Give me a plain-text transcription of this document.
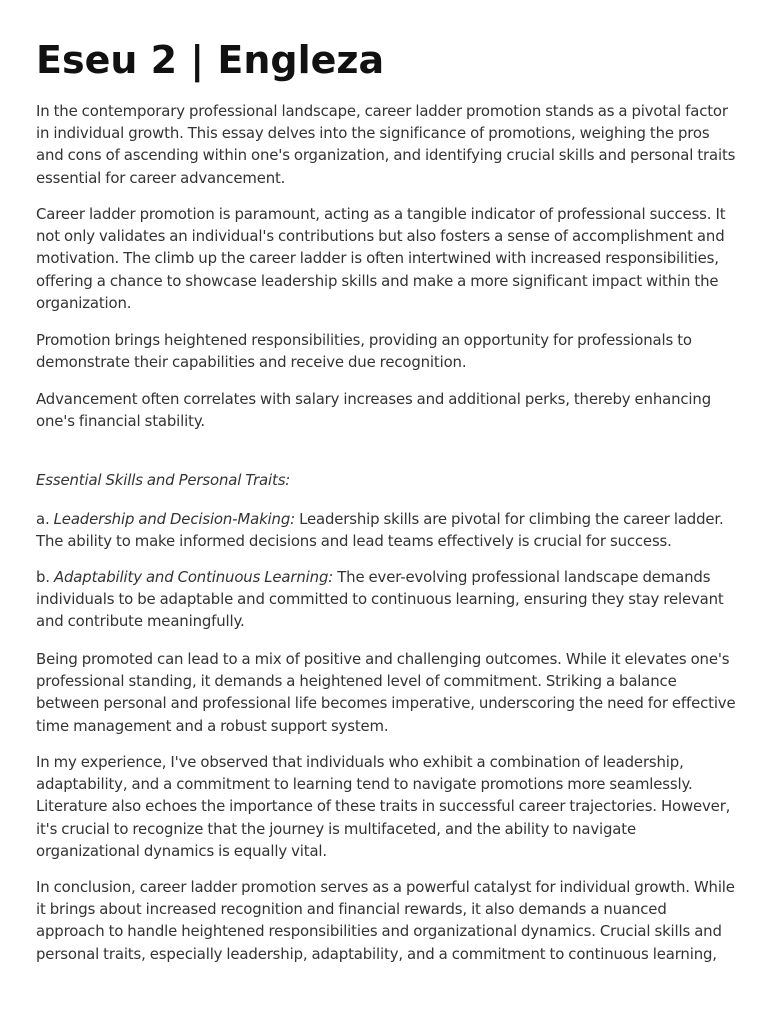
Eseu 2 | Engleza

In the contemporary professional landscape, career ladder promotion stands as a pivotal factor in individual growth. This essay delves into the significance of promotions, weighing the pros and cons of ascending within one's organization, and identifying crucial skills and personal traits essential for career advancement.

Career ladder promotion is paramount, acting as a tangible indicator of professional success. It not only validates an individual's contributions but also fosters a sense of accomplishment and motivation. The climb up the career ladder is often intertwined with increased responsibilities, offering a chance to showcase leadership skills and make a more significant impact within the organization.

Promotion brings heightened responsibilities, providing an opportunity for professionals to demonstrate their capabilities and receive due recognition.

Advancement often correlates with salary increases and additional perks, thereby enhancing one's financial stability.

Essential Skills and Personal Traits:

a. Leadership and Decision-Making: Leadership skills are pivotal for climbing the career ladder. The ability to make informed decisions and lead teams effectively is crucial for success.

b. Adaptability and Continuous Learning: The ever-evolving professional landscape demands individuals to be adaptable and committed to continuous learning, ensuring they stay relevant and contribute meaningfully.

Being promoted can lead to a mix of positive and challenging outcomes. While it elevates one's professional standing, it demands a heightened level of commitment. Striking a balance between personal and professional life becomes imperative, underscoring the need for effective time management and a robust support system.

In my experience, I've observed that individuals who exhibit a combination of leadership, adaptability, and a commitment to learning tend to navigate promotions more seamlessly. Literature also echoes the importance of these traits in successful career trajectories. However, it's crucial to recognize that the journey is multifaceted, and the ability to navigate organizational dynamics is equally vital.

In conclusion, career ladder promotion serves as a powerful catalyst for individual growth. While it brings about increased recognition and financial rewards, it also demands a nuanced approach to handle heightened responsibilities and organizational dynamics. Crucial skills and personal traits, especially leadership, adaptability, and a commitment to continuous learning,
